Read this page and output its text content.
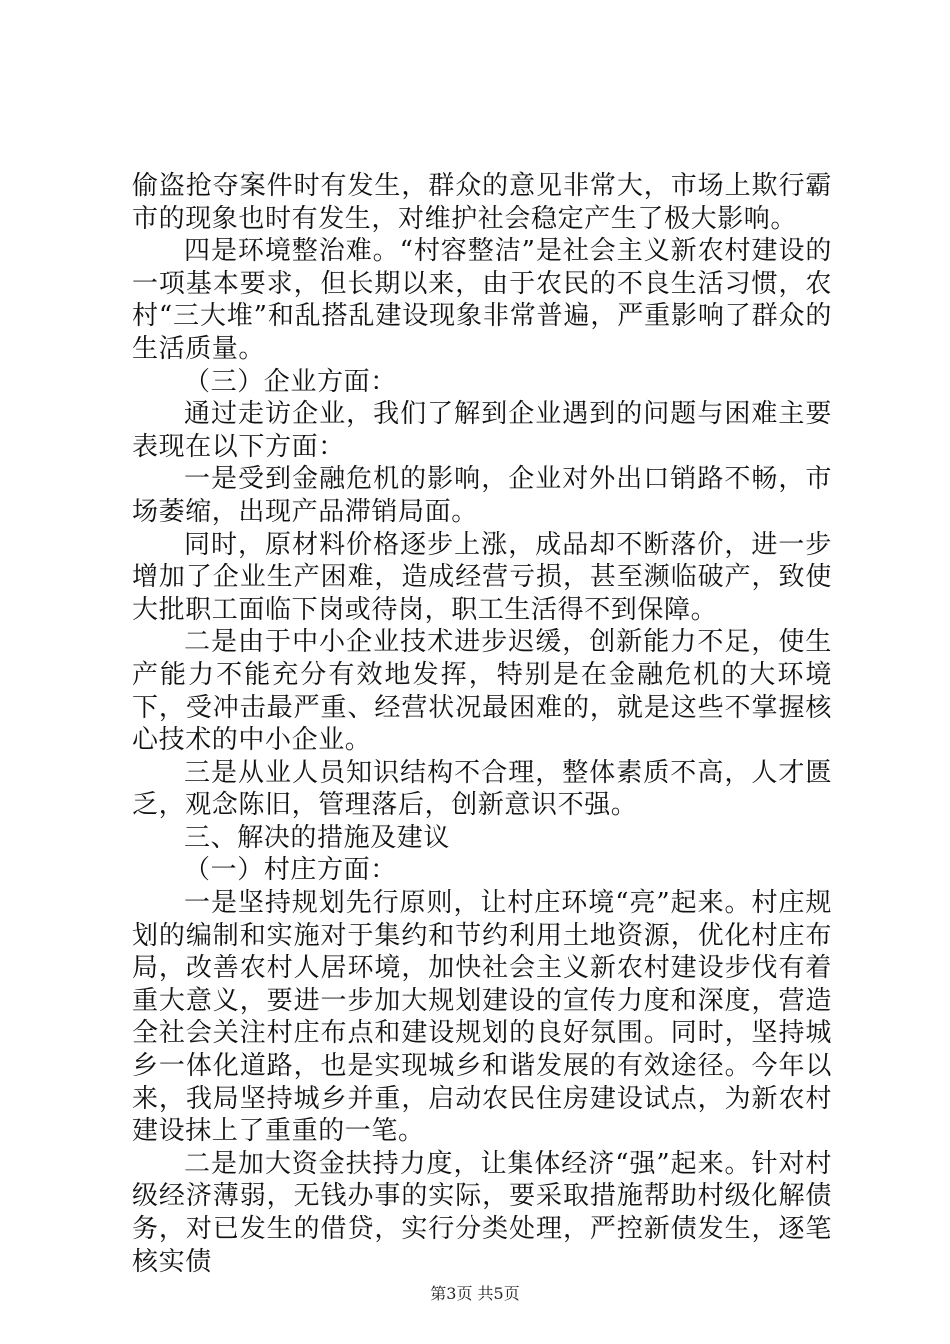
偷盗抢夺案件时有发生，群众的意见非常大，市场上欺行霸市的现象也时有发生，对维护社会稳定产生了极大影响。

四是环境整治难。“村容整洁”是社会主义新农村建设的一项基本要求，但长期以来，由于农民的不良生活习惯，农村“三大堆”和乱搭乱建设现象非常普遍，严重影响了群众的生活质量。

（三）企业方面：

通过走访企业，我们了解到企业遇到的问题与困难主要表现在以下方面：

一是受到金融危机的影响，企业对外出口销路不畅，市场萎缩，出现产品滞销局面。

同时，原材料价格逐步上涨，成品却不断落价，进一步增加了企业生产困难，造成经营亏损，甚至濒临破产，致使大批职工面临下岗或待岗，职工生活得不到保障。

二是由于中小企业技术进步迟缓，创新能力不足，使生产能力不能充分有效地发挥，特别是在金融危机的大环境下，受冲击最严重、经营状况最困难的，就是这些不掌握核心技术的中小企业。

三是从业人员知识结构不合理，整体素质不高，人才匮乏，观念陈旧，管理落后，创新意识不强。

三、解决的措施及建议

（一）村庄方面：

一是坚持规划先行原则，让村庄环境“亮”起来。村庄规划的编制和实施对于集约和节约利用土地资源，优化村庄布局，改善农村人居环境，加快社会主义新农村建设步伐有着重大意义，要进一步加大规划建设的宣传力度和深度，营造全社会关注村庄布点和建设规划的良好氛围。同时，坚持城乡一体化道路，也是实现城乡和谐发展的有效途径。今年以来，我局坚持城乡并重，启动农民住房建设试点，为新农村建设抹上了重重的一笔。

二是加大资金扶持力度，让集体经济“强”起来。针对村级经济薄弱，无钱办事的实际，要采取措施帮助村级化解债务，对已发生的借贷，实行分类处理，严控新债发生，逐笔核实债

第3页 共5页
